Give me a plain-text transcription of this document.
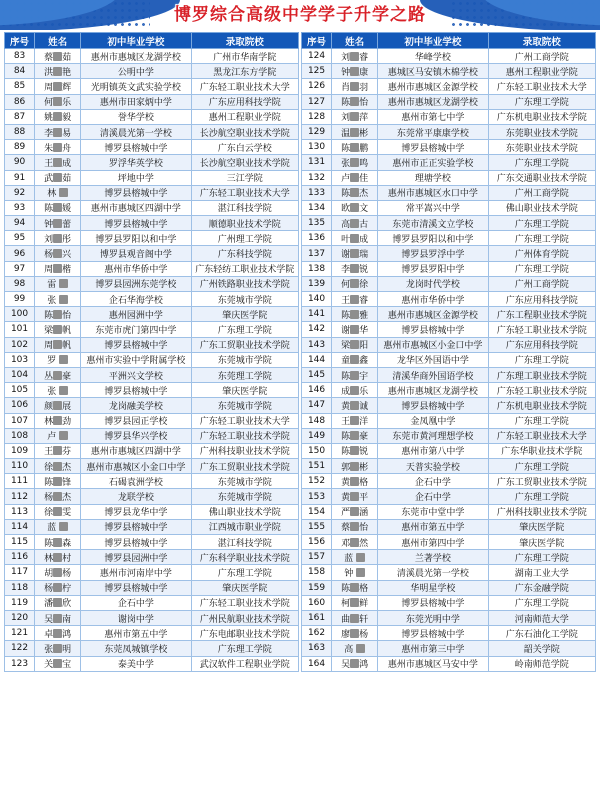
博罗综合高级中学学子升学之路
序号	姓名	初中毕业学校	录取院校
83	蔡 茹	惠州市惠城区龙湖学校	广州市华南学院
84	洪 艳	公明中学	黑龙江东方学院
85	周 辉	光明镇英文武实验学校	广东轻工职业技术大学
86	何 乐	惠州市田家炳中学	广东应用科技学院
87	姚 毅	誉华学校	惠州工程职业学院
88	李 易	清溪晨光第一学校	长沙航空职业技术学院
89	朱 舟	博罗县榕城中学	广东白云学校
90	王 成	罗浮华英学校	长沙航空职业技术学院
91	武 茹	坪地中学	三江学院
92	林	博罗县榕城中学	广东轻工职业技术大学
93	陈 媛	惠州市惠城区四湖中学	湛江科技学院
94	钟 蕾	博罗县榕城中学	顺德职业技术学院
95	刘 彤	博罗县罗阳以和中学	广州理工学院
96	杨 兴	博罗县观音阁中学	广东科技学院
97	周 楷	惠州市华侨中学	广东轻纺工职业技术学院
98	雷	博罗县园洲东莞学校	广州铁路职业技术学院
99	张	企石华海学校	东莞城市学院
100	陈 怡	惠州园洲中学	肇庆医学院
101	梁 帆	东莞市虎门第四中学	广东理工学院
102	周 帆	博罗县榕城中学	广东工贸职业技术学院
103	罗	惠州市实验中学附属学校	东莞城市学院
104	丛 豪	平洲兴文学校	东莞理工学院
105	张	博罗县榕城中学	肇庆医学院
106	颜 展	龙岗融美学校	东莞城市学院
107	林 劲	博罗县园正学校	广东轻工职业技术大学
108	卢	博罗县华兴学校	广东轻工职业技术学院
109	王 芬	惠州市惠城区四湖中学	广州科技职业技术学院
110	徐 杰	惠州市惠城区小金口中学	广东工贸职业技术学院
111	陈 锋	石碣袁洲学校	东莞城市学院
112	杨 杰	龙联学校	东莞城市学院
113	徐 雯	博罗县龙华中学	佛山职业技术学院
114	蓝	博罗县榕城中学	江西城市职业学院
115	陈 森	博罗县榕城中学	湛江科技学院
116	林 村	博罗县园洲中学	广东科学职业技术学院
117	胡 杨	惠州市河南岸中学	广东理工学院
118	杨 柠	博罗县榕城中学	肇庆医学院
119	潘 欣	企石中学	广东轻工职业技术学院
120	吴 南	谢岗中学	广州民航职业技术学院
121	卓 鸿	惠州市第五中学	广东电邮职业技术学院
122	张 明	东莞凤城镇学校	广东理工学院
123	关 宝	泰美中学	武汉软件工程职业学院
序号	姓名	初中毕业学校	录取院校
124	刘 睿	华峰学校	广州工商学院
125	钟 康	惠城区马安镇木棉学校	惠州工程职业学院
126	肖 羽	惠州市惠城区金源学校	广东轻工职业技术大学
127	陈 怡	惠州市惠城区龙湖学校	广东理工学院
128	刘 萍	惠州市第七中学	广东机电职业技术学院
129	温 彬	东莞常平康康学校	东莞职业技术学院
130	陈 鹏	博罗县榕城中学	东莞职业技术学院
131	张 鸣	惠州市正正实验学校	广东理工学院
132	卢 佳	理塘学校	广东交通职业技术学院
133	陈 杰	惠州市惠城区水口中学	广州工商学院
134	欧 文	常平嵩兴中学	佛山职业技术学院
135	高 古	东莞市清溪文立学校	广东理工学院
136	叶 成	博罗县罗阳以和中学	广东理工学院
137	谢 瑞	博罗县罗浮中学	广州体育学院
138	李 锐	博罗县罗阳中学	广东理工学院
139	何 徐	龙岗时代学校	广州工商学院
140	王 睿	惠州市华侨中学	广东应用科技学院
141	陈 雅	惠州市惠城区金源学校	广东工程职业技术学院
142	谢 华	博罗县榕城中学	广东轻工职业技术学院
143	梁 阳	惠州市惠城区小金口中学	广东应用科技学院
144	童 鑫	龙华区外国语中学	广东理工学院
145	陈 宇	清溪华商外国语学校	广东理工职业技术学院
146	成 乐	惠州市惠城区龙湖学校	广东轻工职业技术学院
147	黄 诚	博罗县榕城中学	广东机电职业技术学院
148	王 洋	金凤凰中学	广东理工学院
149	陈 豪	东莞市黄河理想学校	广东轻工职业技术大学
150	陈 锐	惠州市第八中学	广东华职业技术学院
151	郭 彬	天普实验学校	广东理工学院
152	黄 格	企石中学	广东工贸职业技术学院
153	黄 平	企石中学	广东理工学院
154	严 涵	东莞市中堂中学	广州科技职业技术学院
155	蔡 怡	惠州市第五中学	肇庆医学院
156	邓 然	惠州市第四中学	肇庆医学院
157	蓝	兰著学校	广东理工学院
158	钟	清溪晨光第一学校	湖南工业大学
159	陈 格	华明星学校	广东金融学院
160	柯 鲜	博罗县榕城中学	广东理工学院
161	曲 轩	东莞光明中学	河南师范大学
162	廖 杨	博罗县榕城中学	广东石油化工学院
163	高	惠州市第三中学	韶关学院
164	吴 鸿	惠州市惠城区马安中学	岭南师范学院
